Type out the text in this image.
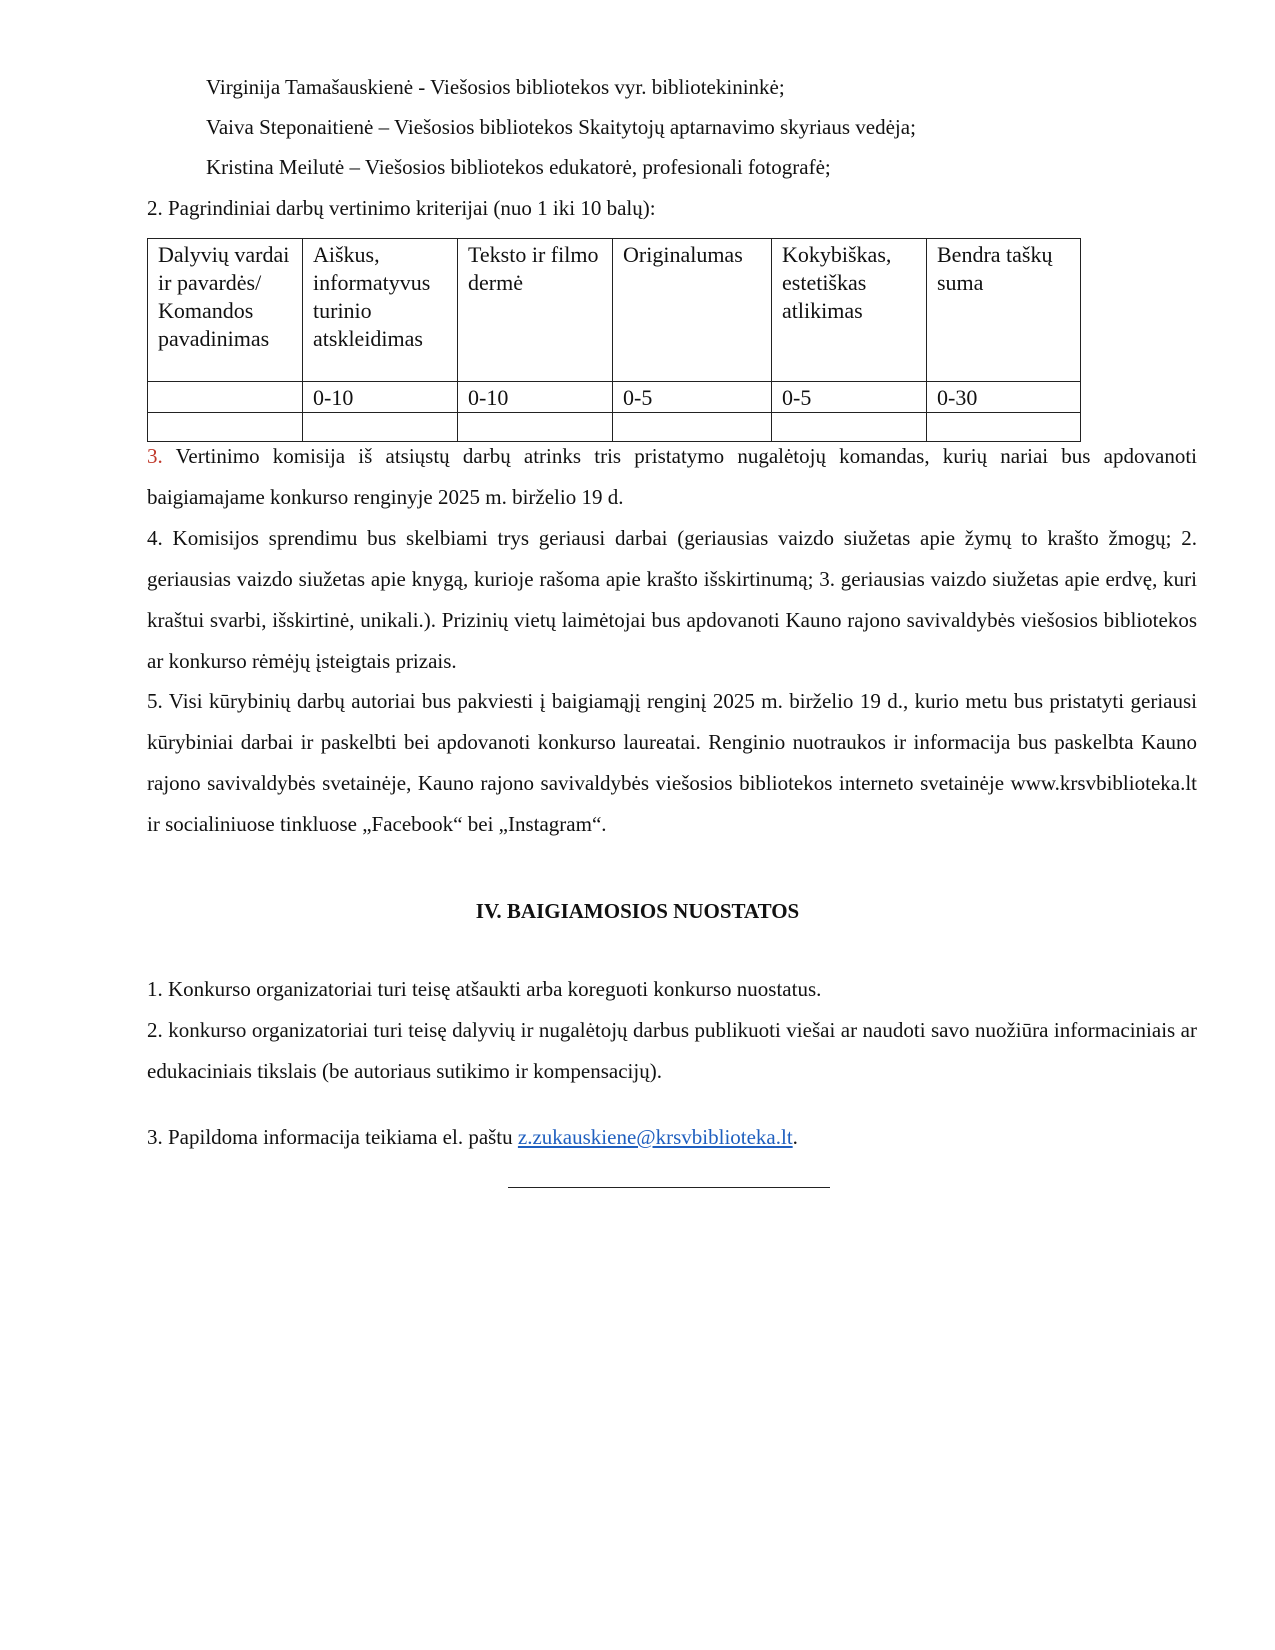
Virginija Tamašauskienė - Viešosios bibliotekos vyr. bibliotekininkė;
Vaiva Steponaitienė – Viešosios bibliotekos Skaitytojų aptarnavimo skyriaus vedėja;
Kristina Meilutė – Viešosios bibliotekos edukatorė, profesionali fotografė;
2. Pagrindiniai darbų vertinimo kriterijai (nuo 1 iki 10 balų):
Dalyvių vardai ir pavardės/ Komandos pavadinimas	Aiškus, informatyvus turinio atskleidimas	Teksto ir filmo dermė	Originalumas	Kokybiškas, estetiškas atlikimas	Bendra taškų suma
	0-10	0-10	0-5	0-5	0-30

3. Vertinimo komisija iš atsiųstų darbų atrinks tris pristatymo nugalėtojų komandas, kurių nariai bus apdovanoti baigiamajame konkurso renginyje 2025 m. birželio 19 d.

4. Komisijos sprendimu bus skelbiami trys geriausi darbai (geriausias vaizdo siužetas apie žymų to krašto žmogų; 2. geriausias vaizdo siužetas apie knygą, kurioje rašoma apie krašto išskirtinumą; 3. geriausias vaizdo siužetas apie erdvę, kuri kraštui svarbi, išskirtinė, unikali.). Prizinių vietų laimėtojai bus apdovanoti Kauno rajono savivaldybės viešosios bibliotekos ar konkurso rėmėjų įsteigtais prizais.

5. Visi kūrybinių darbų autoriai bus pakviesti į baigiamąjį renginį 2025 m. birželio 19 d., kurio metu bus pristatyti geriausi kūrybiniai darbai ir paskelbti bei apdovanoti konkurso laureatai. Renginio nuotraukos ir informacija bus paskelbta Kauno rajono savivaldybės svetainėje, Kauno rajono savivaldybės viešosios bibliotekos interneto svetainėje www.krsvbiblioteka.lt ir socialiniuose tinkluose „Facebook“ bei „Instagram“.

IV. BAIGIAMOSIOS NUOSTATOS
1. Konkurso organizatoriai turi teisę atšaukti arba koreguoti konkurso nuostatus.

2. konkurso organizatoriai turi teisę dalyvių ir nugalėtojų darbus publikuoti viešai ar naudoti savo nuožiūra informaciniais ar edukaciniais tikslais (be autoriaus sutikimo ir kompensacijų).

3. Papildoma informacija teikiama el. paštu z.zukauskiene@krsvbiblioteka.lt.
